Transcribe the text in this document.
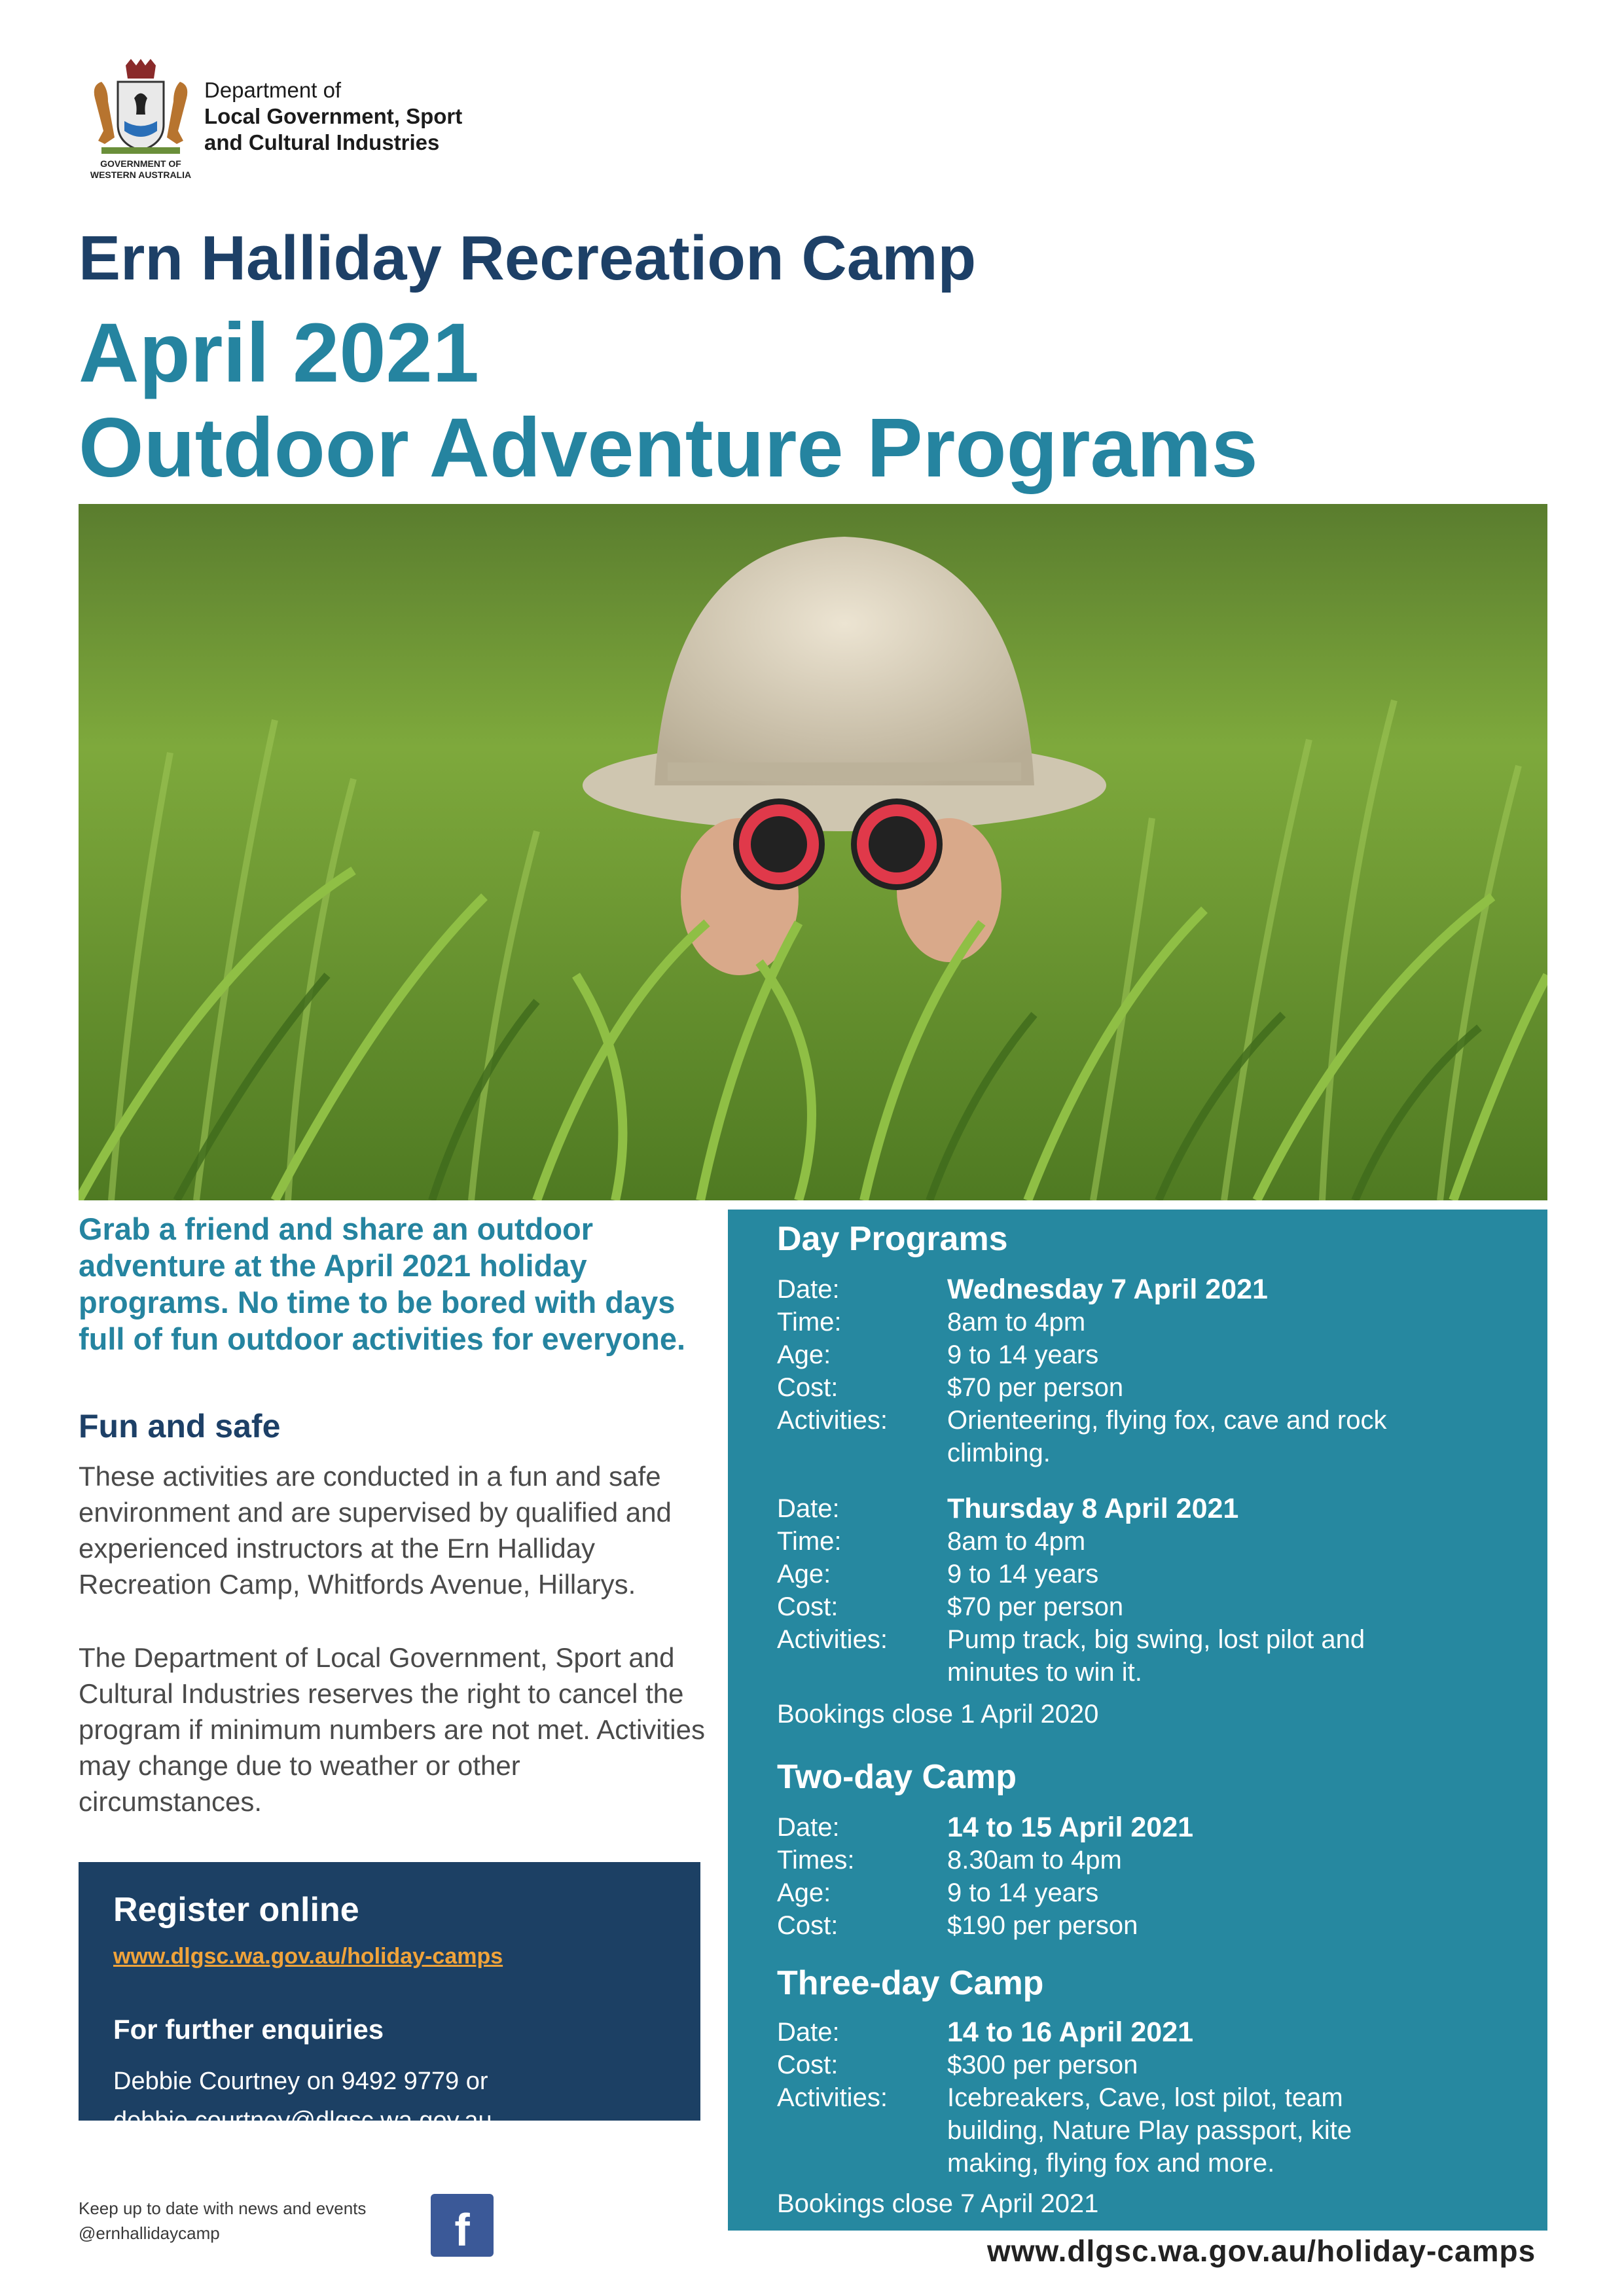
GOVERNMENT OF
WESTERN AUSTRALIA
Department of
Local Government, Sport
and Cultural Industries
Ern Halliday Recreation Camp
April 2021
Outdoor Adventure Programs
Grab a friend and share an outdoor adventure at the April 2021 holiday programs. No time to be bored with days full of fun outdoor activities for everyone.
Fun and safe
These activities are conducted in a fun and safe environment and are supervised by qualified and experienced instructors at the Ern Halliday Recreation Camp, Whitfords Avenue, Hillarys.
The Department of Local Government, Sport and Cultural Industries reserves the right to cancel the program if minimum numbers are not met. Activities may change due to weather or other circumstances.
Register online
www.dlgsc.wa.gov.au/holiday-camps
For further enquiries
Debbie Courtney on 9492 9779 or
debbie.courtney@dlgsc.wa.gov.au
Keep up to date with news and events
@ernhallidaycamp	f
Day Programs
Date:	Wednesday 7 April 2021
Time:	8am to 4pm
Age:	9 to 14 years
Cost:	$70 per person
Activities: Orienteering, flying fox, cave and rock
climbing.
Date:	Thursday 8 April 2021
Time:	8am to 4pm
Age:	9 to 14 years
Cost:	$70 per person
Activities: Pump track, big swing, lost pilot and
minutes to win it.
Bookings close 1 April 2020
Two-day Camp
Date:	14 to 15 April 2021
Times:	8.30am to 4pm
Age:	9 to 14 years
Cost:	$190 per person
Three-day Camp
Date:	14 to 16 April 2021
Cost:	$300 per person
Activities: Icebreakers, Cave, lost pilot, team
building, Nature Play passport, kite
making, flying fox and more.
Bookings close 7 April 2021
www.dlgsc.wa.gov.au/holiday-camps
